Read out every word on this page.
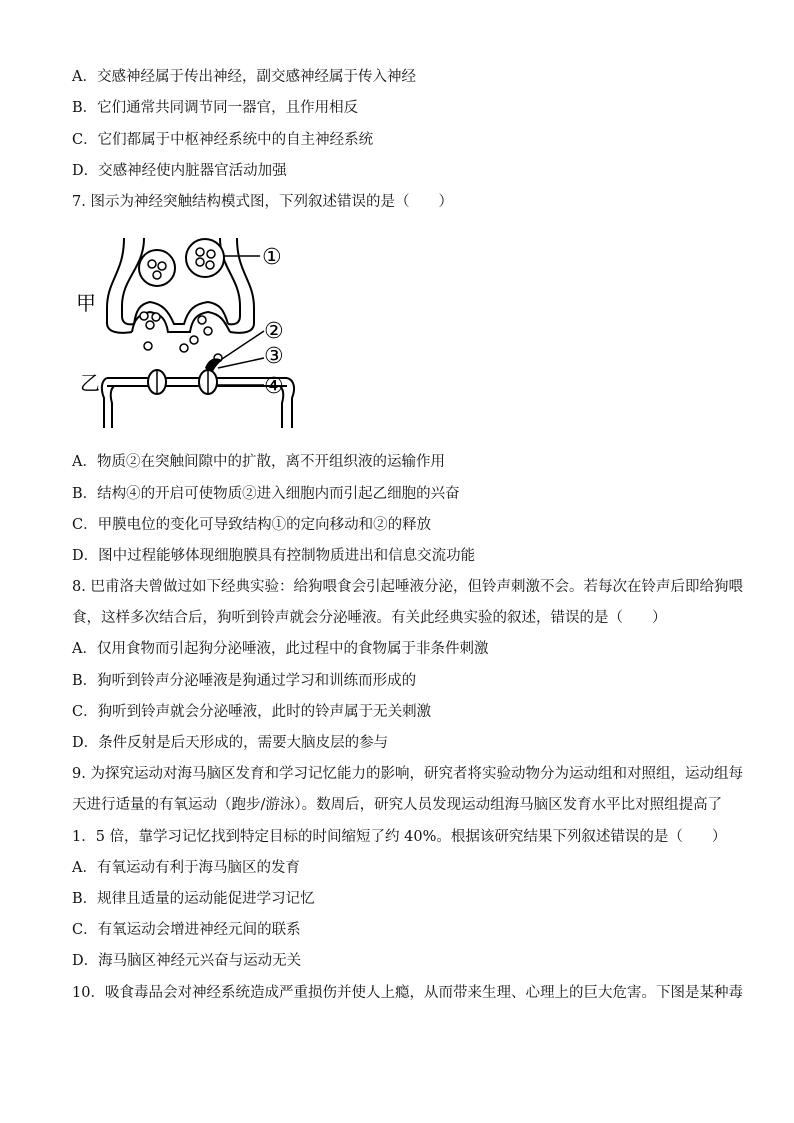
A．交感神经属于传出神经，副交感神经属于传入神经
B．它们通常共同调节同一器官，且作用相反
C．它们都属于中枢神经系统中的自主神经系统
D．交感神经使内脏器官活动加强
7. 图示为神经突触结构模式图，下列叙述错误的是（　　）
甲
乙
①
②
③
④
A．物质②在突触间隙中的扩散，离不开组织液的运输作用
B．结构④的开启可使物质②进入细胞内而引起乙细胞的兴奋
C．甲膜电位的变化可导致结构①的定向移动和②的释放
D．图中过程能够体现细胞膜具有控制物质进出和信息交流功能
8. 巴甫洛夫曾做过如下经典实验：给狗喂食会引起唾液分泌，但铃声刺激不会。若每次在铃声后即给狗喂
食，这样多次结合后，狗听到铃声就会分泌唾液。有关此经典实验的叙述，错误的是（　　）
A．仅用食物而引起狗分泌唾液，此过程中的食物属于非条件刺激
B．狗听到铃声分泌唾液是狗通过学习和训练而形成的
C．狗听到铃声就会分泌唾液，此时的铃声属于无关刺激
D．条件反射是后天形成的，需要大脑皮层的参与
9. 为探究运动对海马脑区发育和学习记忆能力的影响，研究者将实验动物分为运动组和对照组，运动组每
天进行适量的有氧运动（跑步/游泳）。数周后，研究人员发现运动组海马脑区发育水平比对照组提高了
1．5 倍，靠学习记忆找到特定目标的时间缩短了约 40%。根据该研究结果下列叙述错误的是（　　）
A．有氧运动有利于海马脑区的发育
B．规律且适量的运动能促进学习记忆
C．有氧运动会增进神经元间的联系
D．海马脑区神经元兴奋与运动无关
10．吸食毒品会对神经系统造成严重损伤并使人上瘾，从而带来生理、心理上的巨大危害。下图是某种毒
